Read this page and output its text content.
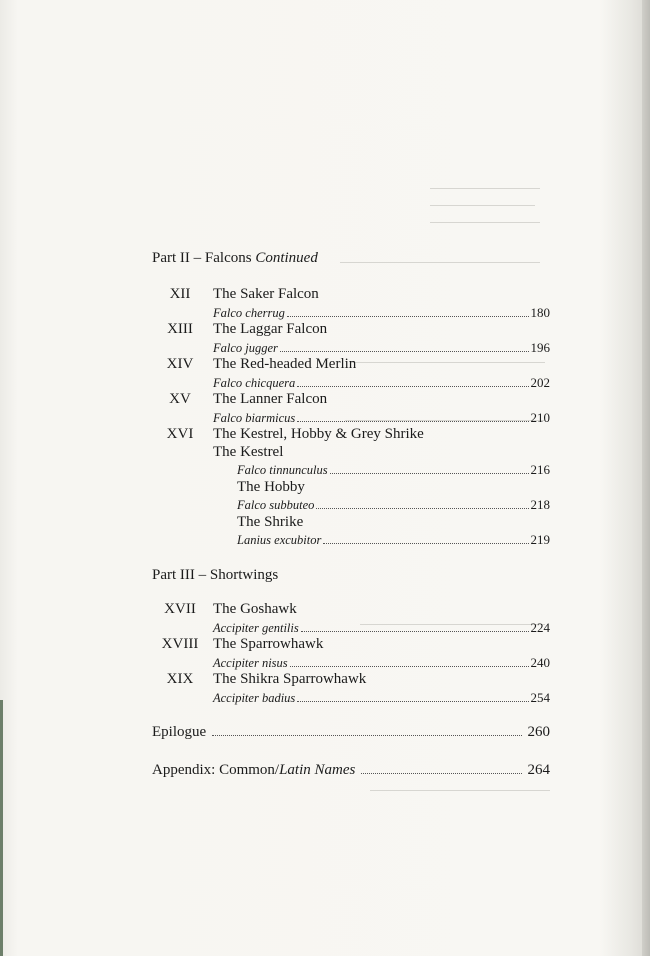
Part II – Falcons Continued
XII	The Saker Falcon
Falco cherrug	180
XIII	The Laggar Falcon
Falco jugger	196
XIV	The Red-headed Merlin
Falco chicquera	202
XV	The Lanner Falcon
Falco biarmicus	210
XVI	The Kestrel, Hobby & Grey Shrike
The Kestrel
Falco tinnunculus	216
The Hobby
Falco subbuteo	218
The Shrike
Lanius excubitor	219
Part III – Shortwings
XVII	The Goshawk
Accipiter gentilis	224
XVIII The Sparrowhawk
Accipiter nisus	240
XIX	The Shikra Sparrowhawk
Accipiter badius	254
Epilogue	260
Appendix: Common/Latin Names	264
